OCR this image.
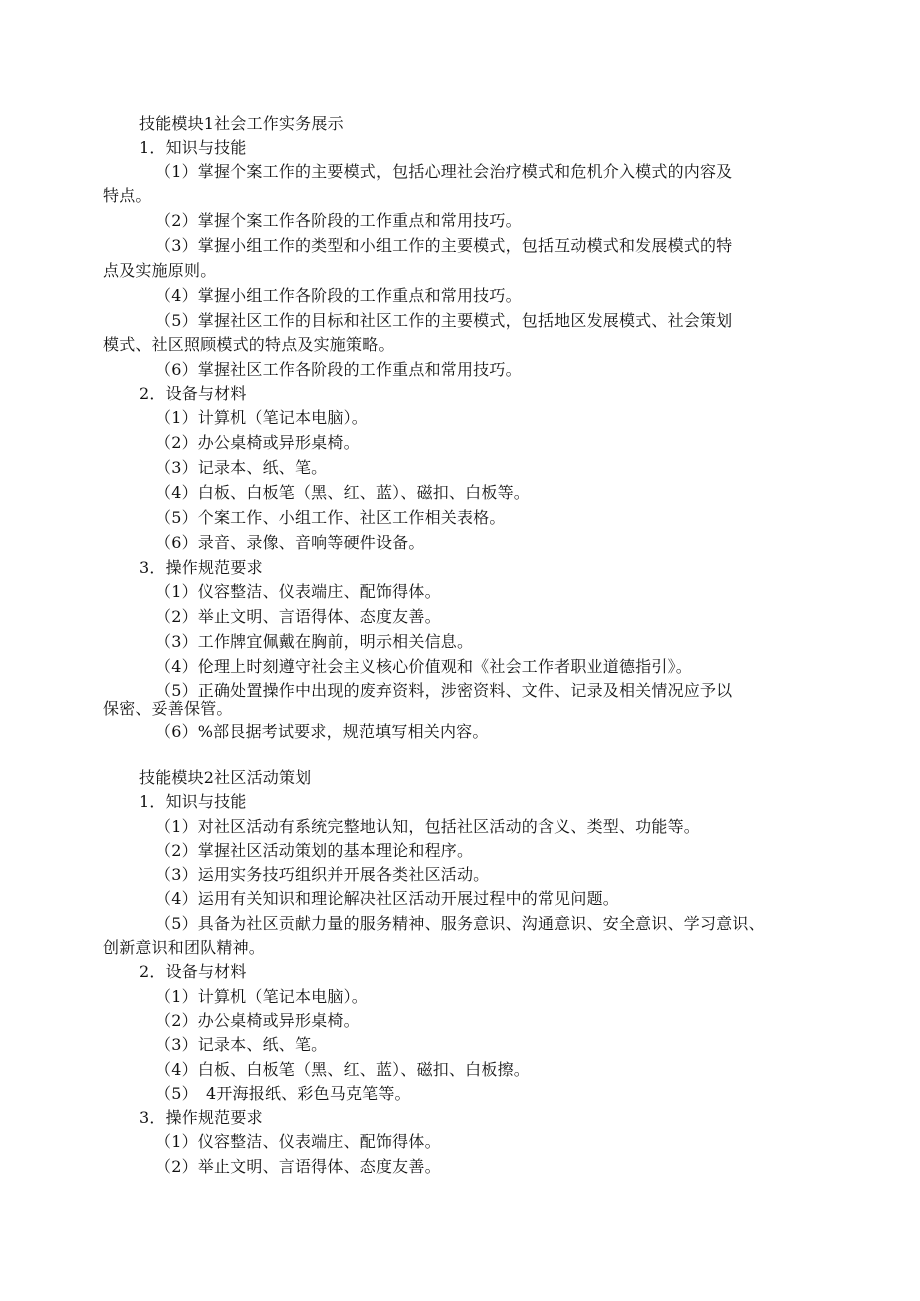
技能模块1社会工作实务展示
1．知识与技能
（1）掌握个案工作的主要模式，包括心理社会治疗模式和危机介入模式的内容及
特点。
（2）掌握个案工作各阶段的工作重点和常用技巧。
（3）掌握小组工作的类型和小组工作的主要模式，包括互动模式和发展模式的特
点及实施原则。
（4）掌握小组工作各阶段的工作重点和常用技巧。
（5）掌握社区工作的目标和社区工作的主要模式，包括地区发展模式、社会策划
模式、社区照顾模式的特点及实施策略。
（6）掌握社区工作各阶段的工作重点和常用技巧。
2．设备与材料
（1）计算机（笔记本电脑）。
（2）办公桌椅或异形桌椅。
（3）记录本、纸、笔。
（4）白板、白板笔（黑、红、蓝）、磁扣、白板等。
（5）个案工作、小组工作、社区工作相关表格。
（6）录音、录像、音响等硬件设备。
3．操作规范要求
（1）仪容整洁、仪表端庄、配饰得体。
（2）举止文明、言语得体、态度友善。
（3）工作牌宜佩戴在胸前，明示相关信息。
（4）伦理上时刻遵守社会主义核心价值观和《社会工作者职业道德指引》。
（5）正确处置操作中出现的废弃资料，涉密资料、文件、记录及相关情况应予以
保密、妥善保管。
（6）%部艮据考试要求，规范填写相关内容。
技能模块2社区活动策划
1．知识与技能
（1）对社区活动有系统完整地认知，包括社区活动的含义、类型、功能等。
（2）掌握社区活动策划的基本理论和程序。
（3）运用实务技巧组织并开展各类社区活动。
（4）运用有关知识和理论解决社区活动开展过程中的常见问题。
（5）具备为社区贡献力量的服务精神、服务意识、沟通意识、安全意识、学习意识、
创新意识和团队精神。
2．设备与材料
（1）计算机（笔记本电脑）。
（2）办公桌椅或异形桌椅。
（3）记录本、纸、笔。
（4）白板、白板笔（黑、红、蓝）、磁扣、白板擦。
（5）　4开海报纸、彩色马克笔等。
3．操作规范要求
（1）仪容整洁、仪表端庄、配饰得体。
（2）举止文明、言语得体、态度友善。
